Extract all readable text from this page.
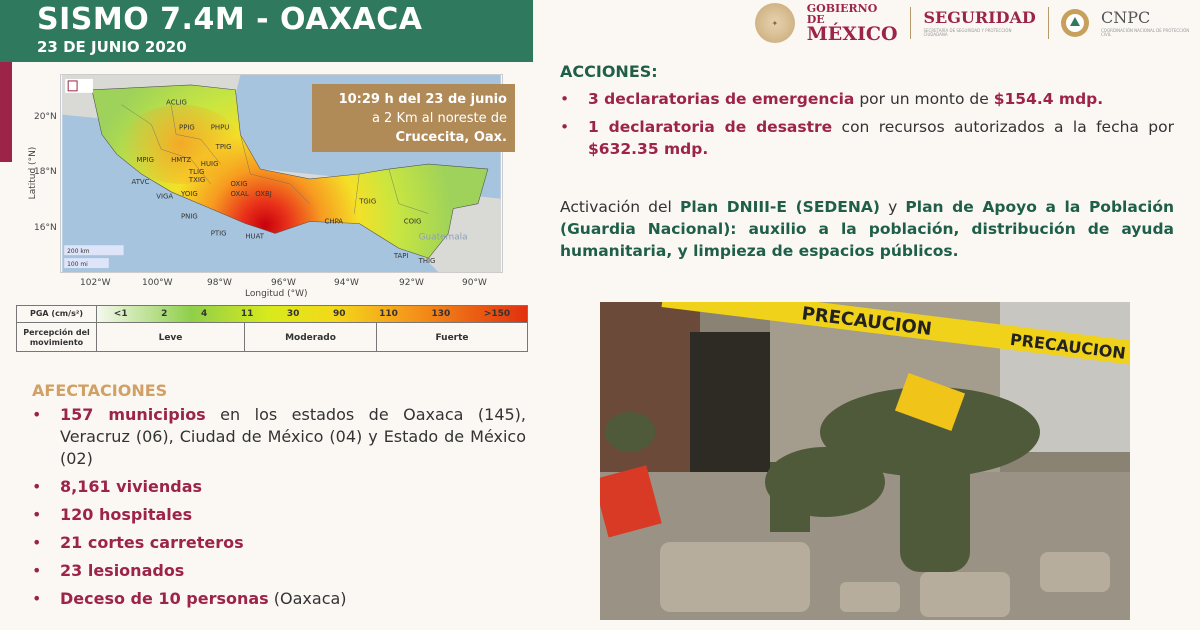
SISMO 7.4M - OAXACA
23 DE JUNIO 2020
✦
GOBIERNO DE
MÉXICO
SEGURIDAD
SECRETARÍA DE SEGURIDAD Y PROTECCIÓN CIUDADANA
CNPC
COORDINACIÓN NACIONAL DE PROTECCIÓN CIVIL
ACLIG
PPIG PHPU
TPIG
MPIG HMTZ HUIG
TLIG
TXIG
ATVC
YOIG
OXIG
OXAL OXBJ
VIGA
PNIG
PTIG	HUAT
CHPA
TGIG
COIG
TAPI
THIG
Guatemala
200 km
100 mi
10:29 h del 23 de junio
a 2 Km al noreste de
Crucecita, Oax.
20°N
18°N
16°N
Latitud (°N)
102°W	100°W	98°W	96°W	94°W	92°W	90°W
Longitud (°W)
PGA (cm/s²)	<1	2	4	11	30	90	110	130	>150
Percepción del movimiento	Leve	Moderado	Fuerte
AFECTACIONES
• 157 municipios en los estados de Oaxaca (145), Veracruz (06), Ciudad de México (04) y Estado de México (02)
• 8,161 viviendas
• 120 hospitales
• 21 cortes carreteros
• 23 lesionados
• Deceso de 10 personas (Oaxaca)
ACCIONES:
• 3 declaratorias de emergencia por un monto de $154.4 mdp.
• 1 declaratoria de desastre con recursos autorizados a la fecha por $632.35 mdp.

Activación del Plan DNIII-E (SEDENA) y Plan de Apoyo a la Población (Guardia Nacional): auxilio a la población, distribución de ayuda humanitaria, y limpieza de espacios públicos.

PRECAUCION
PRECAUCION
